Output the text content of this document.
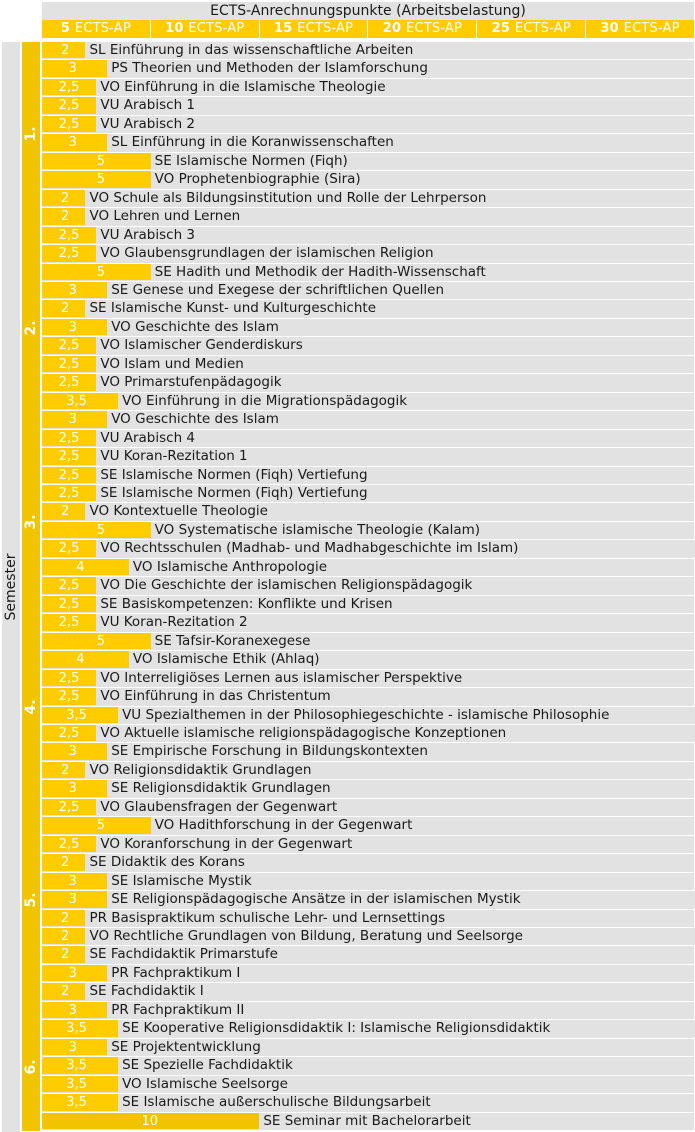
ECTS-Anrechnungspunkte (Arbeitsbelastung)
5 ECTS-AP	10 ECTS-AP	15 ECTS-AP	20 ECTS-AP	25 ECTS-AP	30 ECTS-AP
Semester
1.
2	SL Einführung in das wissenschaftliche Arbeiten
3	PS Theorien und Methoden der Islamforschung
2,5	VO Einführung in die Islamische Theologie
2,5	VU Arabisch 1
2,5	VU Arabisch 2
3	SL Einführung in die Koranwissenschaften
5	SE Islamische Normen (Fiqh)
5	VO Prophetenbiographie (Sira)
2	VO Schule als Bildungsinstitution und Rolle der Lehrperson
2	VO Lehren und Lernen
2.
2,5	VU Arabisch 3
2,5	VO Glaubensgrundlagen der islamischen Religion
5	SE Hadith und Methodik der Hadith-Wissenschaft
3	SE Genese und Exegese der schriftlichen Quellen
2	SE Islamische Kunst- und Kulturgeschichte
3	VO Geschichte des Islam
2,5	VO Islamischer Genderdiskurs
2,5	VO Islam und Medien
2,5	VO Primarstufenpädagogik
3,5	VO Einführung in die Migrationspädagogik
3	VO Geschichte des Islam
3.
2,5	VU Arabisch 4
2,5	VU Koran-Rezitation 1
2,5	SE Islamische Normen (Fiqh) Vertiefung
2,5	SE Islamische Normen (Fiqh) Vertiefung
2	VO Kontextuelle Theologie
5	VO Systematische islamische Theologie (Kalam)
2,5	VO Rechtsschulen (Madhab- und Madhabgeschichte im Islam)
4	VO Islamische Anthropologie
2,5	VO Die Geschichte der islamischen Religionspädagogik
2,5	SE Basiskompetenzen: Konflikte und Krisen
4.
2,5	VU Koran-Rezitation 2
5	SE Tafsir-Koranexegese
4	VO Islamische Ethik (Ahlaq)
2,5	VO Interreligiöses Lernen aus islamischer Perspektive
2,5	VO Einführung in das Christentum
3,5	VU Spezialthemen in der Philosophiegeschichte - islamische Philosophie
2,5	VO Aktuelle islamische religionspädagogische Konzeptionen
3	SE Empirische Forschung in Bildungskontexten
2	VO Religionsdidaktik Grundlagen
3	SE Religionsdidaktik Grundlagen
5.
2,5	VO Glaubensfragen der Gegenwart
5	VO Hadithforschung in der Gegenwart
2,5	VO Koranforschung in der Gegenwart
2	SE Didaktik des Korans
3	SE Islamische Mystik
3	SE Religionspädagogische Ansätze in der islamischen Mystik
2	PR Basispraktikum schulische Lehr- und Lernsettings
2	VO Rechtliche Grundlagen von Bildung, Beratung und Seelsorge
2	SE Fachdidaktik Primarstufe
3	PR Fachpraktikum I
2	SE Fachdidaktik I
6.
3	PR Fachpraktikum II
3,5	SE Kooperative Religionsdidaktik I: Islamische Religionsdidaktik
3	SE Projektentwicklung
3,5	SE Spezielle Fachdidaktik
3,5	VO Islamische Seelsorge
3,5	SE Islamische außerschulische Bildungsarbeit
10	SE Seminar mit Bachelorarbeit
